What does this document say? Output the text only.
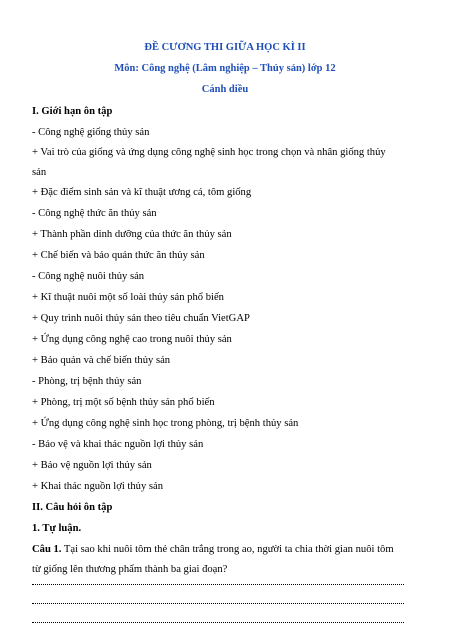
ĐỀ CƯƠNG THI GIỮA HỌC KÌ II
Môn: Công nghệ (Lâm nghiệp – Thủy sản) lớp 12
Cánh diều
I. Giới hạn ôn tập
- Công nghệ giống thủy sản
+ Vai trò của giống và ứng dụng công nghệ sinh học trong chọn và nhân giống thủy
sản
+ Đặc điểm sinh sản và kĩ thuật ương cá, tôm giống
- Công nghệ thức ăn thủy sản
+ Thành phần dinh dưỡng của thức ăn thủy sản
+ Chế biến và bảo quản thức ăn thủy sản
- Công nghệ nuôi thủy sản
+ Kĩ thuật nuôi một số loài thủy sản phổ biến
+ Quy trình nuôi thủy sản theo tiêu chuẩn VietGAP
+ Ứng dụng công nghệ cao trong nuôi thủy sản
+ Bảo quản và chế biến thủy sản
- Phòng, trị bệnh thủy sản
+ Phòng, trị một số bệnh thủy sản phổ biến
+ Ứng dụng công nghệ sinh học trong phòng, trị bệnh thủy sản
- Bảo vệ và khai thác nguồn lợi thủy sản
+ Bảo vệ nguồn lợi thủy sản
+ Khai thác nguồn lợi thủy sản
II. Câu hỏi ôn tập
1. Tự luận.
Câu 1. Tại sao khi nuôi tôm thẻ chân trắng trong ao, người ta chia thời gian nuôi tôm
từ giống lên thương phẩm thành ba giai đoạn?
